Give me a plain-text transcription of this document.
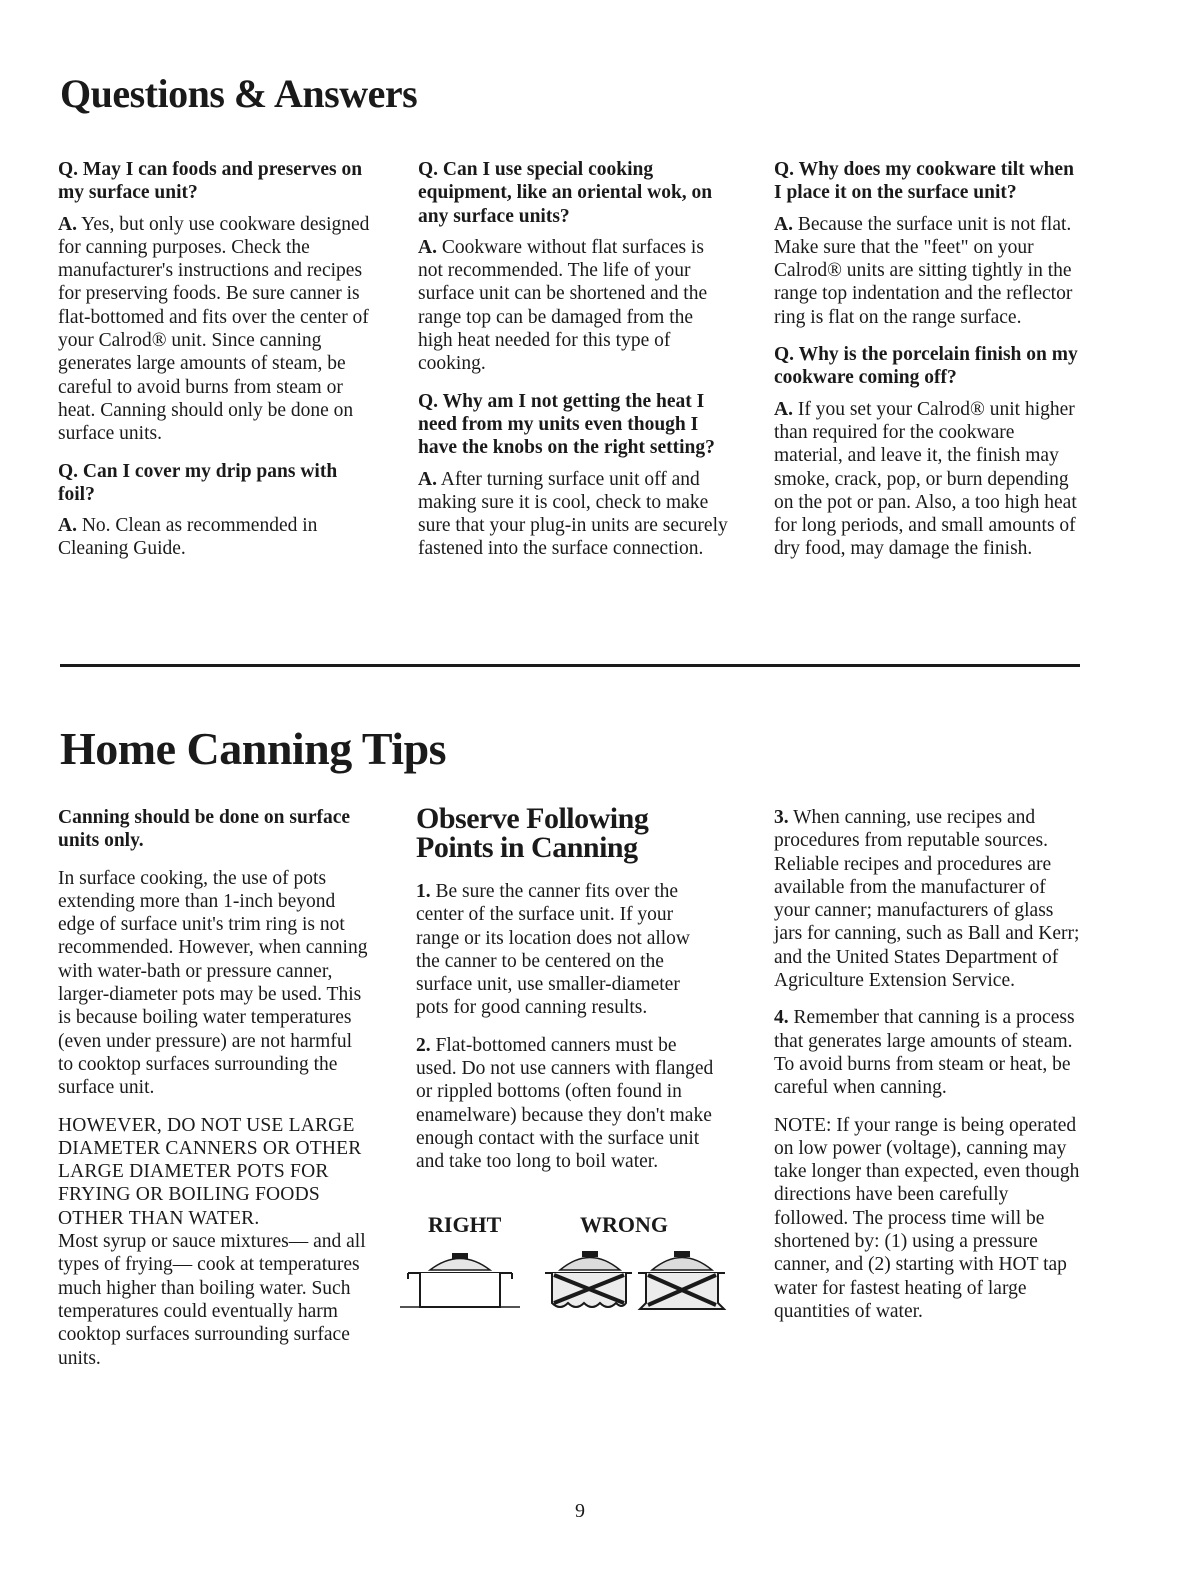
Questions & Answers
Q. May I can foods and preserves on my surface unit?
A. Yes, but only use cookware designed for canning purposes. Check the manufacturer's instructions and recipes for preserving foods. Be sure canner is flat-bottomed and fits over the center of your Calrod® unit. Since canning generates large amounts of steam, be careful to avoid burns from steam or heat. Canning should only be done on surface units.
Q. Can I cover my drip pans with foil?
A. No. Clean as recommended in Cleaning Guide.
Q. Can I use special cooking equipment, like an oriental wok, on any surface units?
A. Cookware without flat surfaces is not recommended. The life of your surface unit can be shortened and the range top can be damaged from the high heat needed for this type of cooking.
Q. Why am I not getting the heat I need from my units even though I have the knobs on the right setting?
A. After turning surface unit off and making sure it is cool, check to make sure that your plug-in units are securely fastened into the surface connection.
Q. Why does my cookware tilt when I place it on the surface unit?
A. Because the surface unit is not flat. Make sure that the "feet" on your Calrod® units are sitting tightly in the range top indentation and the reflector ring is flat on the range surface.
Q. Why is the porcelain finish on my cookware coming off?
A. If you set your Calrod® unit higher than required for the cookware material, and leave it, the finish may smoke, crack, pop, or burn depending on the pot or pan. Also, a too high heat for long periods, and small amounts of dry food, may damage the finish.
Home Canning Tips
Canning should be done on surface units only.
In surface cooking, the use of pots extending more than 1-inch beyond edge of surface unit's trim ring is not recommended. However, when canning with water-bath or pressure canner, larger-diameter pots may be used. This is because boiling water temperatures (even under pressure) are not harmful to cooktop surfaces surrounding the surface unit.
HOWEVER, DO NOT USE LARGE DIAMETER CANNERS OR OTHER LARGE DIAMETER POTS FOR FRYING OR BOILING FOODS OTHER THAN WATER.
Most syrup or sauce mixtures— and all types of frying— cook at temperatures much higher than boiling water. Such temperatures could eventually harm cooktop surfaces surrounding surface units.
Observe Following Points in Canning
1. Be sure the canner fits over the center of the surface unit. If your range or its location does not allow the canner to be centered on the surface unit, use smaller-diameter pots for good canning results.
2. Flat-bottomed canners must be used. Do not use canners with flanged or rippled bottoms (often found in enamelware) because they don't make enough contact with the surface unit and take too long to boil water.
RIGHT	WRONG
3. When canning, use recipes and procedures from reputable sources. Reliable recipes and procedures are available from the manufacturer of your canner; manufacturers of glass jars for canning, such as Ball and Kerr; and the United States Department of Agriculture Extension Service.
4. Remember that canning is a process that generates large amounts of steam. To avoid burns from steam or heat, be careful when canning.
NOTE: If your range is being operated on low power (voltage), canning may take longer than expected, even though directions have been carefully followed. The process time will be shortened by: (1) using a pressure canner, and (2) starting with HOT tap water for fastest heating of large quantities of water.
9
